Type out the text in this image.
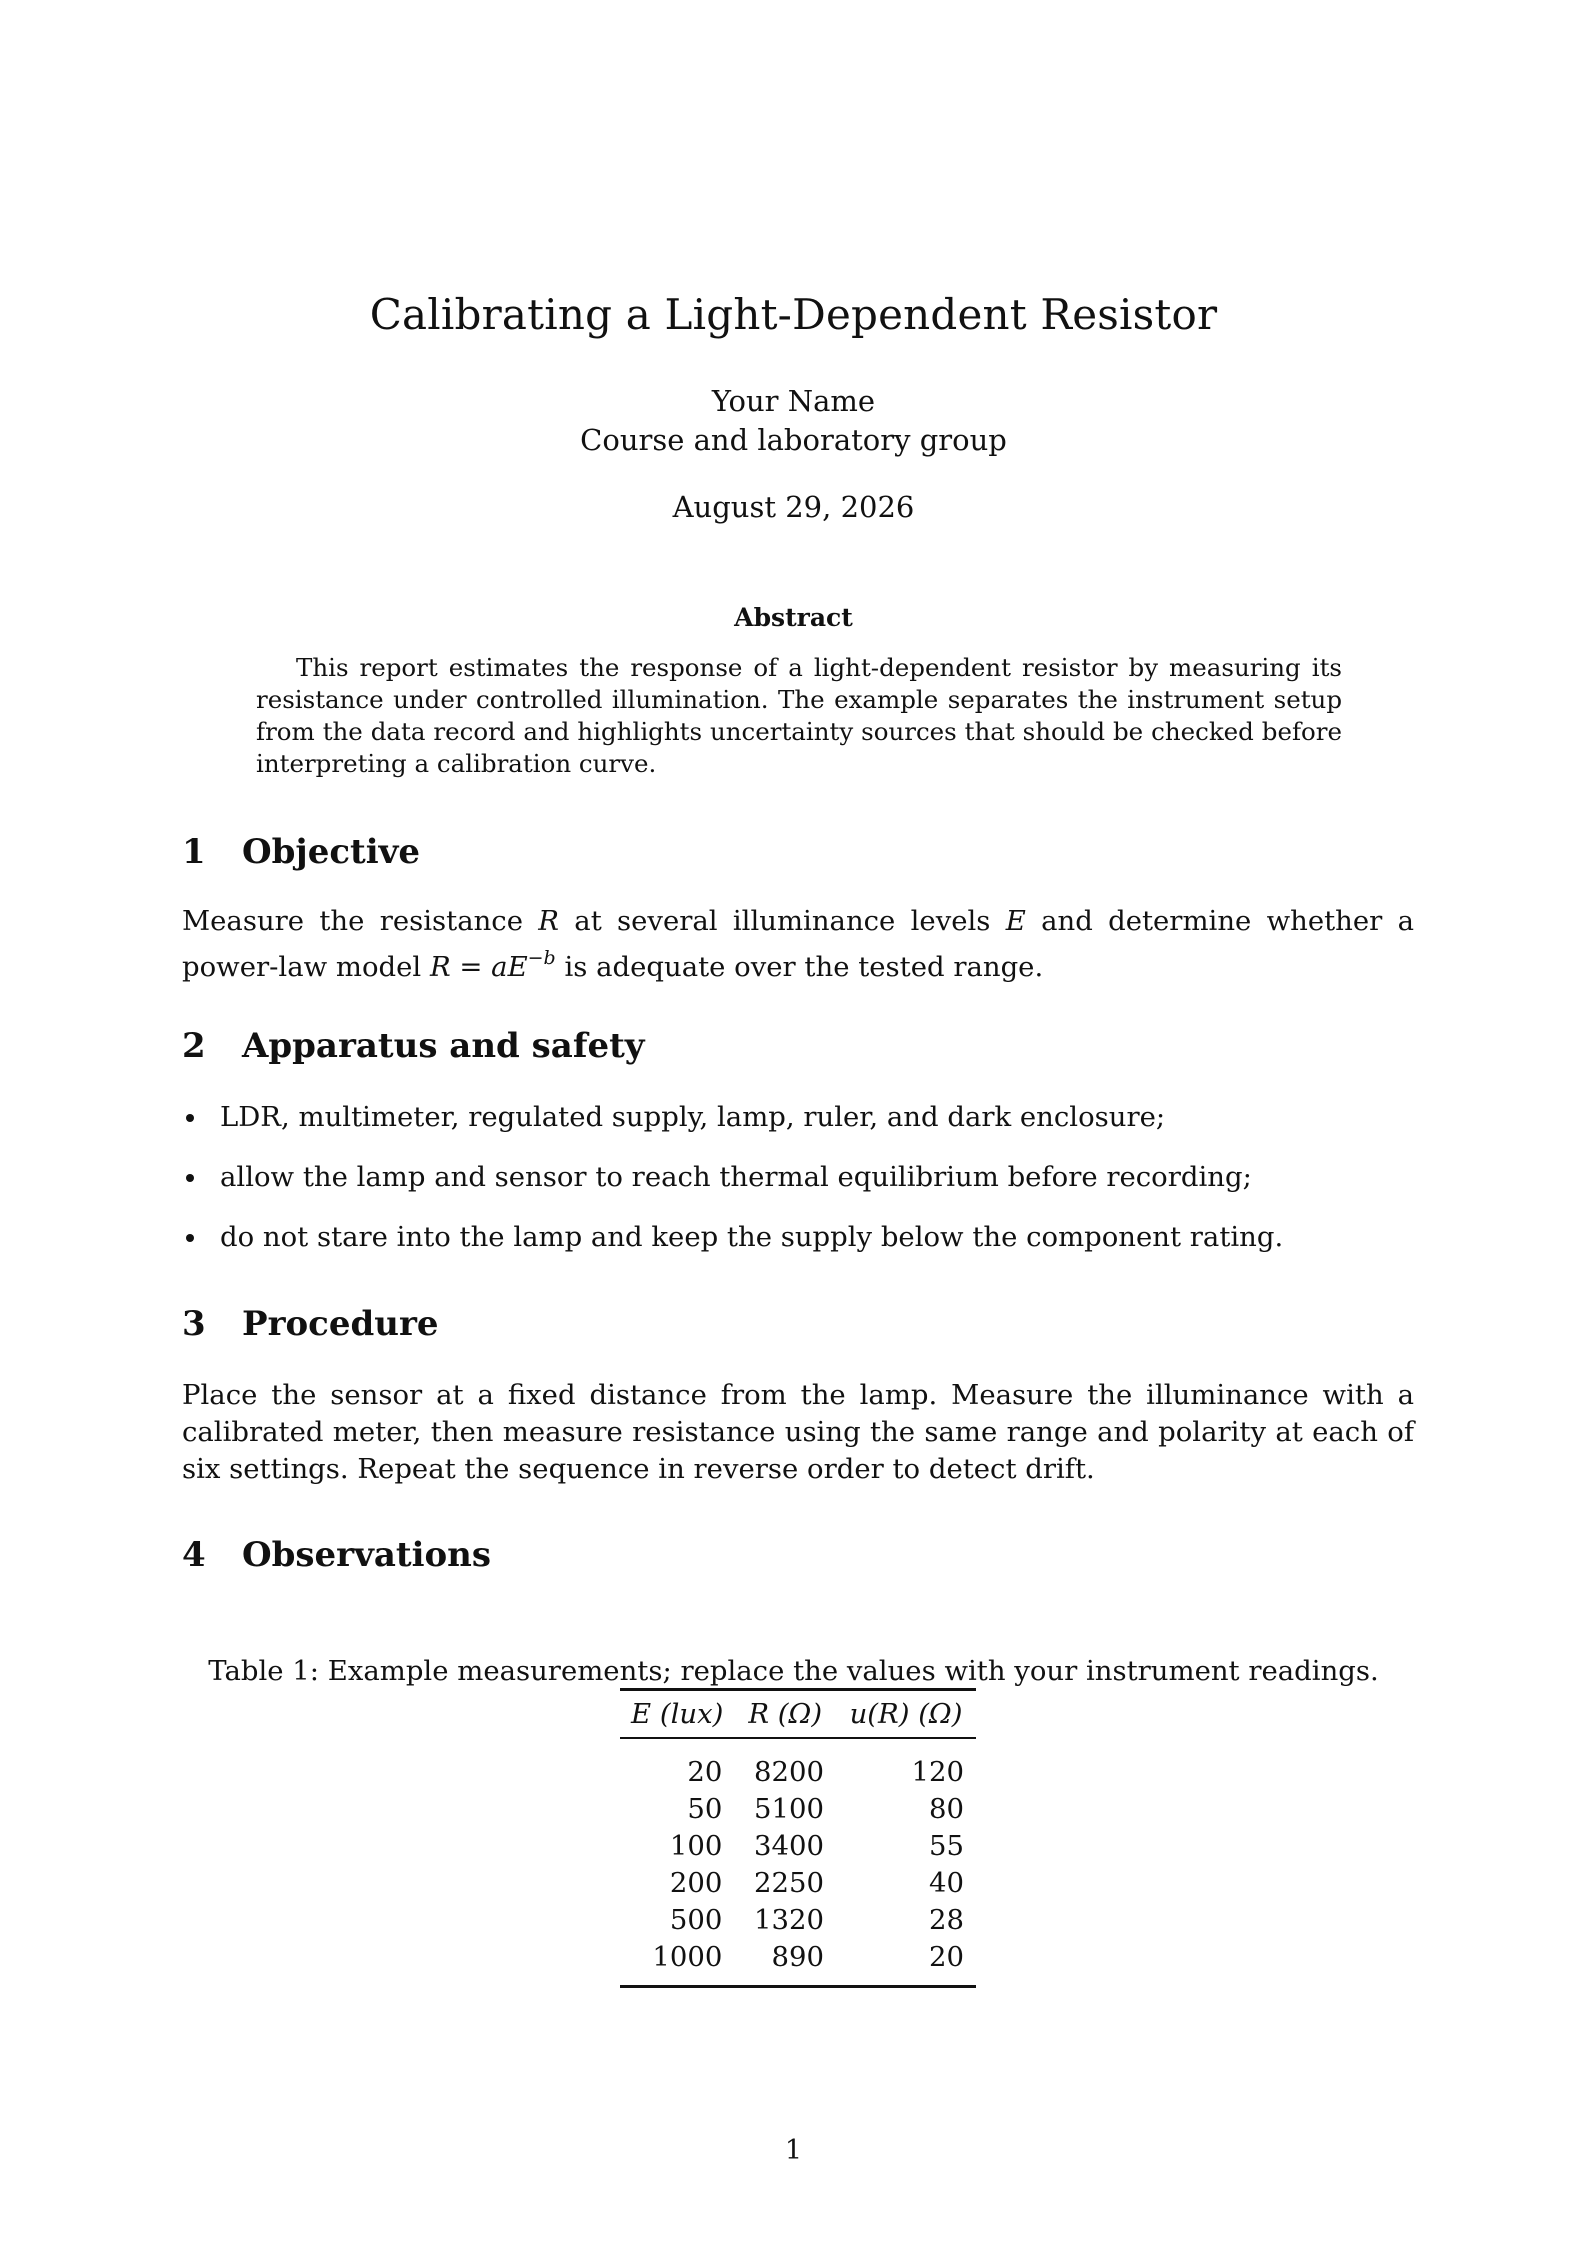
Calibrating a Light-Dependent Resistor
Your Name
Course and laboratory group
August 29, 2026
Abstract

This report estimates the response of a light-dependent resistor by measuring its resistance under controlled illumination. The example separates the instrument setup from the data record and highlights uncertainty sources that should be checked before interpreting a calibration curve.

1 Objective

Measure the resistance R at several illuminance levels E and determine whether a power-law model $R = aE^{-b}$ is adequate over the tested range.

2 Apparatus and safety
LDR, multimeter, regulated supply, lamp, ruler, and dark enclosure;
allow the lamp and sensor to reach thermal equilibrium before recording;
do not stare into the lamp and keep the supply below the component rating.
3 Procedure

Place the sensor at a fixed distance from the lamp. Measure the illuminance with a calibrated meter, then measure resistance using the same range and polarity at each of six settings. Repeat the sequence in reverse order to detect drift.

4 Observations
Table 1: Example measurements; replace the values with your instrument readings.
E (lux)	R (Ω)	u(R) (Ω)
20	8200	120
50	5100	80
100	3400	55
200	2250	40
500	1320	28
1000	890	20
1
